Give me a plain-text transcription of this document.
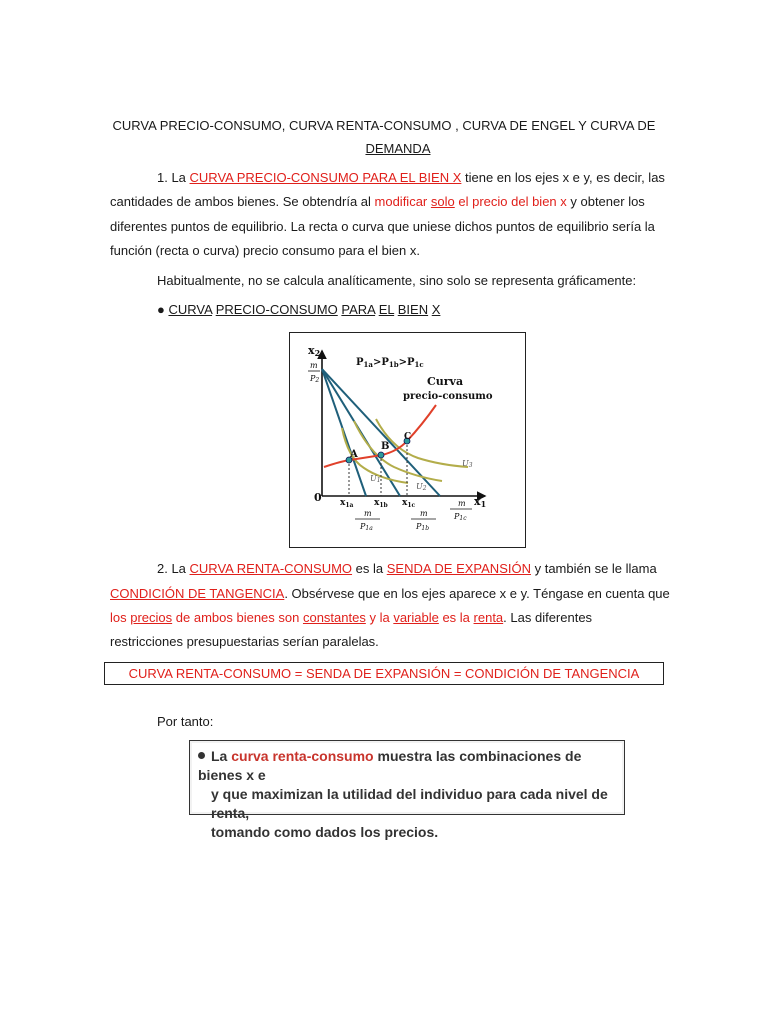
CURVA PRECIO-CONSUMO, CURVA RENTA-CONSUMO , CURVA DE ENGEL Y CURVA DE
DEMANDA
1. La CURVA PRECIO-CONSUMO PARA EL BIEN X tiene en los ejes x e y, es decir, las
cantidades de ambos bienes. Se obtendría al modificar solo el precio del bien x y obtener los
diferentes puntos de equilibrio. La recta o curva que uniese dichos puntos de equilibrio sería la
función (recta o curva) precio consumo para el bien x.
Habitualmente, no se calcula analíticamente, sino solo se representa gráficamente:
● CURVA PRECIO-CONSUMO PARA EL BIEN X
x2
x1
m
P2
0
$P_{1a}>P_{1b}>P_{1c}$
Curva
precio-consumo
A
B
C
U1
U2
U3
$x_{1a}$ $x_{1b}$ $x_{1c}$
m
P1a
m
P1b
m
P1c
2. La CURVA RENTA-CONSUMO es la SENDA DE EXPANSIÓN y también se le llama
CONDICIÓN DE TANGENCIA. Obsérvese que en los ejes aparece x e y. Téngase en cuenta que
los precios de ambos bienes son constantes y la variable es la renta. Las diferentes
restricciones presupuestarias serían paralelas.
CURVA RENTA-CONSUMO = SENDA DE EXPANSIÓN = CONDICIÓN DE TANGENCIA
Por tanto:
La curva renta-consumo muestra las combinaciones de bienes x e
y que maximizan la utilidad del individuo para cada nivel de renta,
tomando como dados los precios.
